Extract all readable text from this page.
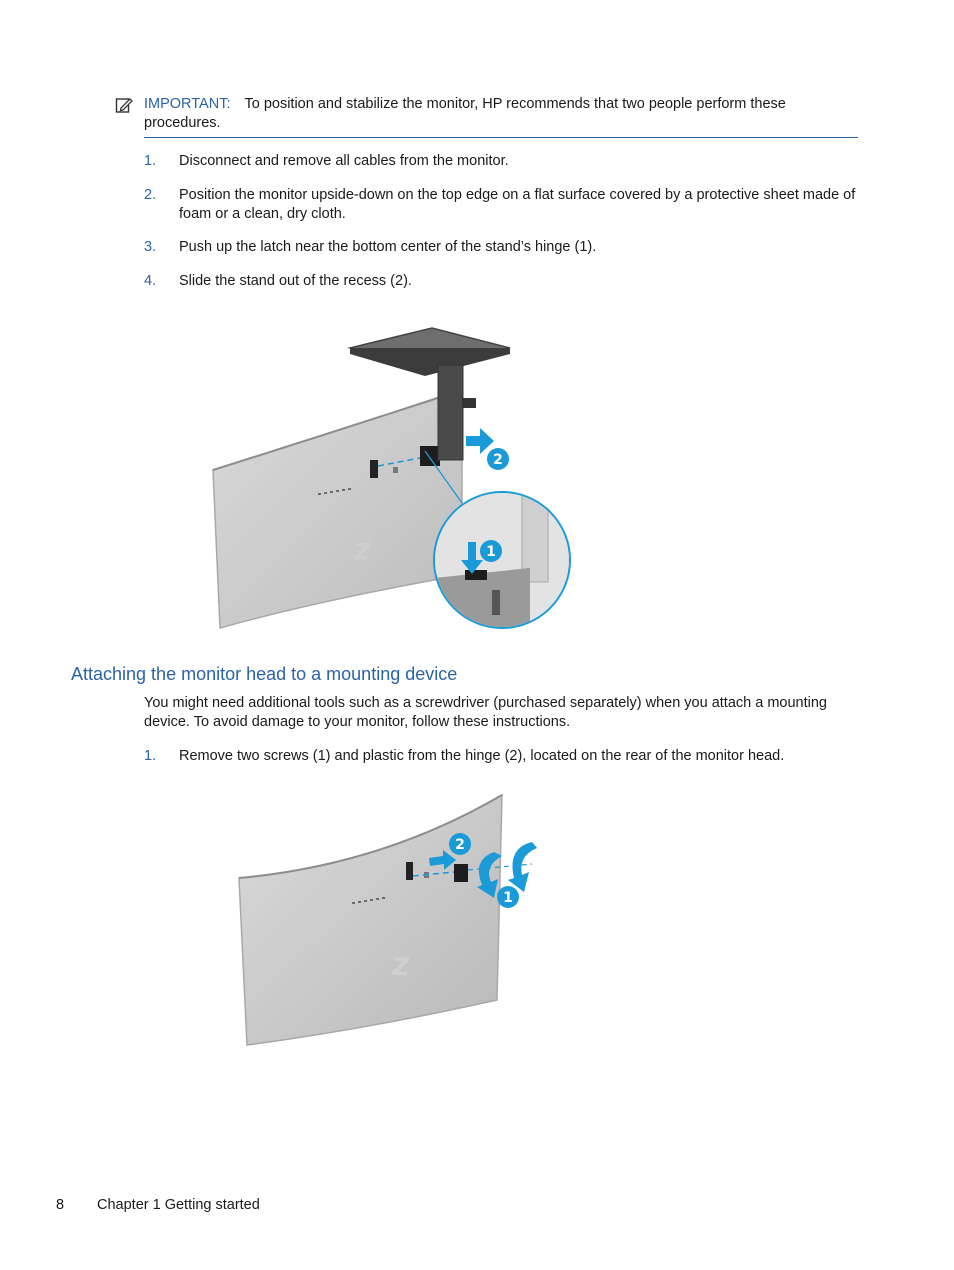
IMPORTANT: To position and stabilize the monitor, HP recommends that two people perform these procedures.
1. Disconnect and remove all cables from the monitor.
2. Position the monitor upside-down on the top edge on a flat surface covered by a protective sheet made of foam or a clean, dry cloth.
3. Push up the latch near the bottom center of the stand’s hinge (1).
4. Slide the stand out of the recess (2).
Z
2
1
Attaching the monitor head to a mounting device
You might need additional tools such as a screwdriver (purchased separately) when you attach a mounting device. To avoid damage to your monitor, follow these instructions.
1. Remove two screws (1) and plastic from the hinge (2), located on the rear of the monitor head.
Z
2
1
8 Chapter 1 Getting started
